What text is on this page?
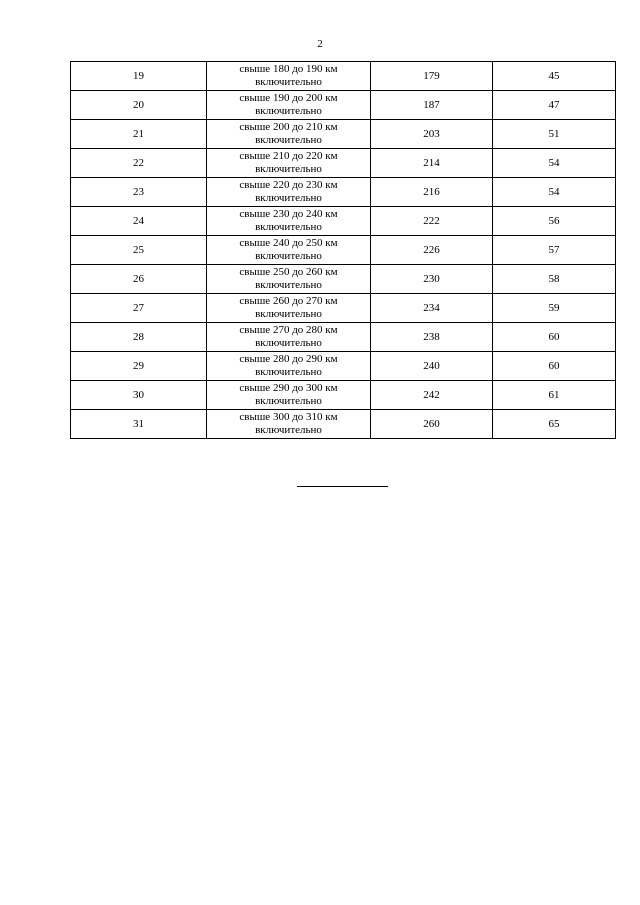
2
19	свыше 180 до 190 км
включительно	179	45
20	свыше 190 до 200 км
включительно	187	47
21	свыше 200 до 210 км
включительно	203	51
22	свыше 210 до 220 км
включительно	214	54
23	свыше 220 до 230 км
включительно	216	54
24	свыше 230 до 240 км
включительно	222	56
25	свыше 240 до 250 км
включительно	226	57
26	свыше 250 до 260 км
включительно	230	58
27	свыше 260 до 270 км
включительно	234	59
28	свыше 270 до 280 км
включительно	238	60
29	свыше 280 до 290 км
включительно	240	60
30	свыше 290 до 300 км
включительно	242	61
31	свыше 300 до 310 км
включительно	260	65
